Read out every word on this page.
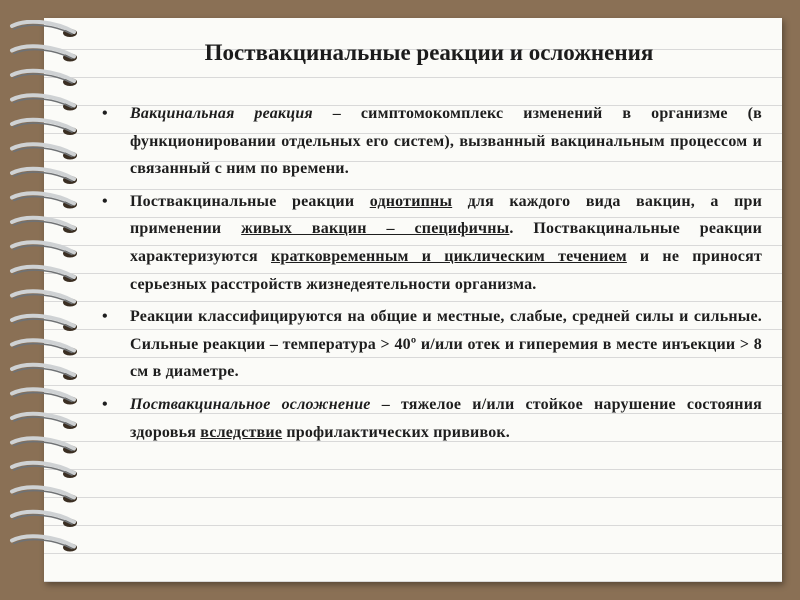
Поствакцинальные реакции и осложнения
• Вакцинальная реакция – симптомокомплекс изменений в организме (в функционировании отдельных его систем), вызванный вакцинальным процессом и связанный с ним по времени.
• Поствакцинальные реакции однотипны для каждого вида вакцин, а при применении живых вакцин – специфичны. Поствакцинальные реакции характеризуются кратковременным и циклическим течением и не приносят серьезных расстройств жизнедеятельности организма.
• Реакции классифицируются на общие и местные, слабые, средней силы и сильные. Сильные реакции – температура > 40º и/или отек и гиперемия в месте инъекции > 8 см в диаметре.
• Поствакцинальное осложнение – тяжелое и/или стойкое нарушение состояния здоровья вследствие профилактических прививок.
